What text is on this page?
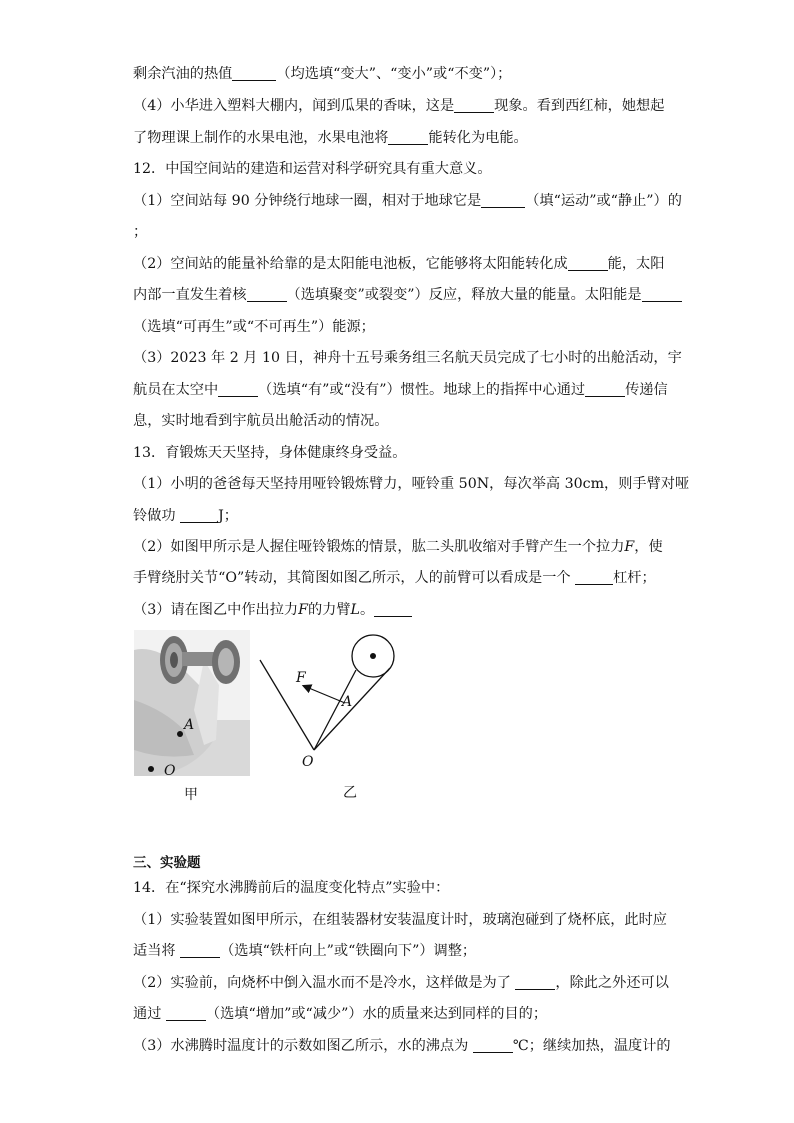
剩余汽油的热值	（均选填“变大”、“变小”或“不变”）；
（4）小华进入塑料大棚内，闻到瓜果的香味，这是	现象。看到西红柿，她想起
了物理课上制作的水果电池，水果电池将	能转化为电能。
12．中国空间站的建造和运营对科学研究具有重大意义。
（1）空间站每 90 分钟绕行地球一圈，相对于地球它是	（填“运动”或“静止”）的
；
（2）空间站的能量补给靠的是太阳能电池板，它能够将太阳能转化成	能，太阳
内部一直发生着核	（选填聚变”或裂变”）反应，释放大量的能量。太阳能是
（选填“可再生”或“不可再生”）能源；
（3）2023 年 2 月 10 日，神舟十五号乘务组三名航天员完成了七小时的出舱活动，宇
航员在太空中	（选填“有”或“没有”）惯性。地球上的指挥中心通过	传递信
息，实时地看到宇航员出舱活动的情况。
13．育锻炼天天坚持，身体健康终身受益。
（1）小明的爸爸每天坚持用哑铃锻炼臂力，哑铃重 50N，每次举高 30cm，则手臂对哑
铃做功	J；
（2）如图甲所示是人握住哑铃锻炼的情景，肱二头肌收缩对手臂产生一个拉力F，使
手臂绕肘关节“O”转动，其简图如图乙所示，人的前臂可以看成是一个	杠杆；
（3）请在图乙中作出拉力F的力臂L。
A
O
甲
F
A
O
乙
三、实验题
14．在“探究水沸腾前后的温度变化特点”实验中：
（1）实验装置如图甲所示，在组装器材安装温度计时，玻璃泡碰到了烧杯底，此时应
适当将	（选填“铁杆向上”或“铁圈向下”）调整；
（2）实验前，向烧杯中倒入温水而不是冷水，这样做是为了	，除此之外还可以
通过	（选填“增加”或“减少”）水的质量来达到同样的目的；
（3）水沸腾时温度计的示数如图乙所示，水的沸点为	℃；继续加热，温度计的
